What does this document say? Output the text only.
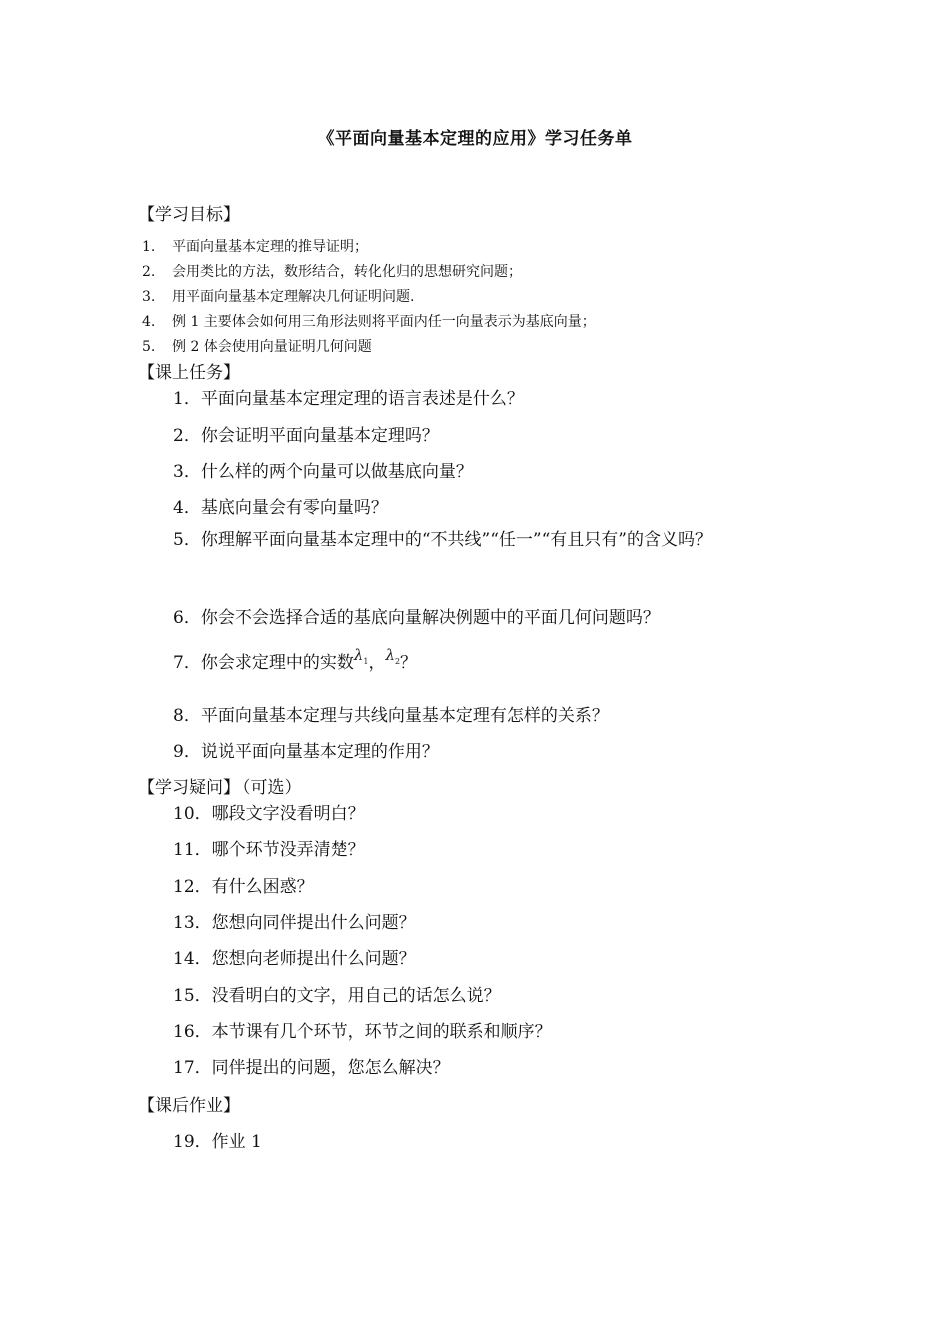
《平面向量基本定理的应用》学习任务单
【学习目标】
1. 平面向量基本定理的推导证明；
2. 会用类比的方法，数形结合，转化化归的思想研究问题；
3. 用平面向量基本定理解决几何证明问题.
4. 例 1 主要体会如何用三角形法则将平面内任一向量表示为基底向量；
5. 例 2 体会使用向量证明几何问题
【课上任务】
1．平面向量基本定理定理的语言表述是什么？
2．你会证明平面向量基本定理吗？
3．什么样的两个向量可以做基底向量？
4．基底向量会有零向量吗？
5．你理解平面向量基本定理中的“不共线”“任一”“有且只有”的含义吗？
6．你会不会选择合适的基底向量解决例题中的平面几何问题吗？
7．你会求定理中的实数$\lambda_1$，$\lambda_2$？
8．平面向量基本定理与共线向量基本定理有怎样的关系？
9．说说平面向量基本定理的作用？
【学习疑问】 （可选）
10．哪段文字没看明白？
11．哪个环节没弄清楚？
12．有什么困惑？
13．您想向同伴提出什么问题？
14．您想向老师提出什么问题？
15．没看明白的文字，用自己的话怎么说？
16．本节课有几个环节，环节之间的联系和顺序？
17．同伴提出的问题，您怎么解决？
【课后作业】
19．作业 1
